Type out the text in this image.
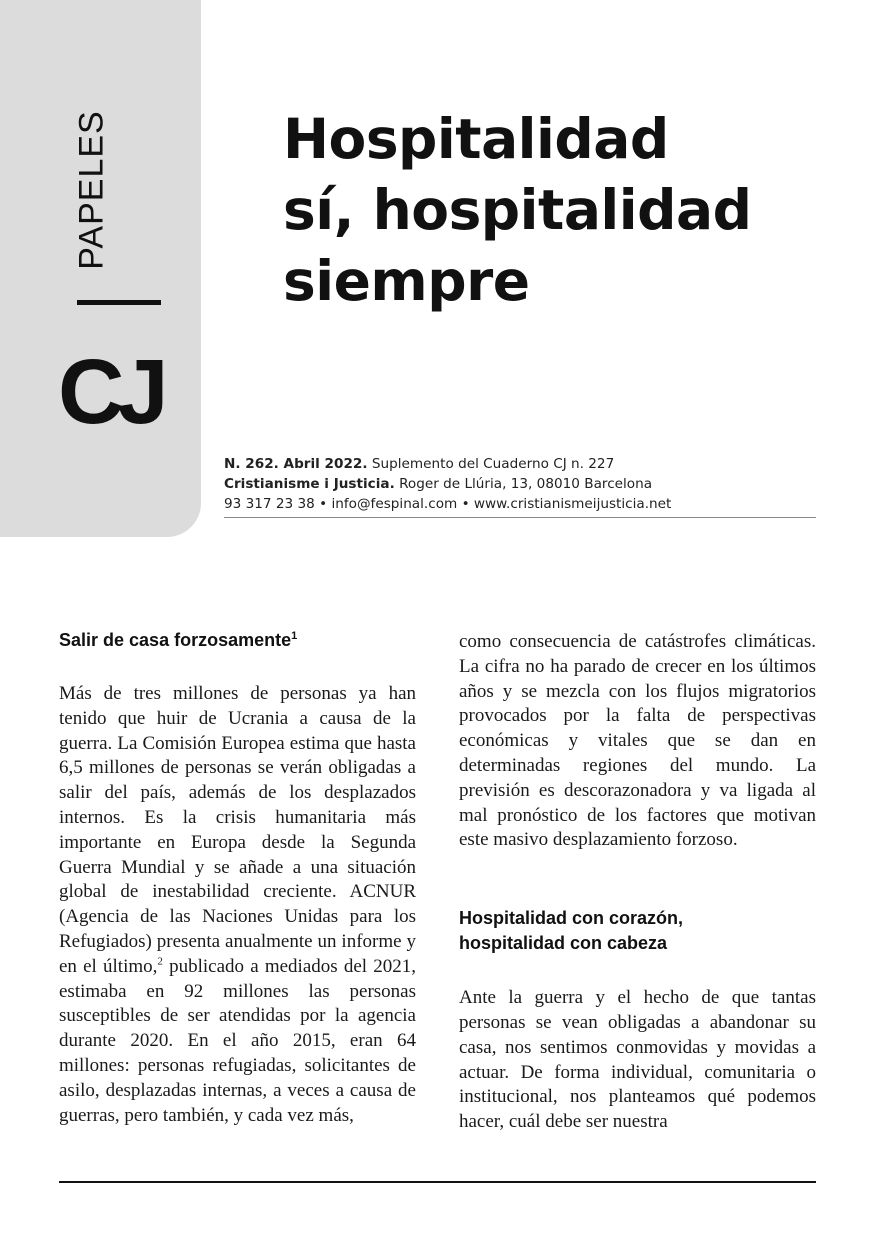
PAPELES
CJ
Hospitalidad
sí, hospitalidad
siempre
N. 262. Abril 2022. Suplemento del Cuaderno CJ n. 227
Cristianisme i Justicia. Roger de Llúria, 13, 08010 Barcelona
93 317 23 38 • info@fespinal.com • www.cristianismeijusticia.net
Salir de casa forzosamente$^1$

Más de tres millones de personas ya han tenido que huir de Ucrania a causa de la guerra. La Comisión Europea estima que hasta 6,5 millones de personas se verán obligadas a salir del país, además de los desplazados internos. Es la crisis humanitaria más importante en Europa desde la Segunda Guerra Mundial y se añade a una situación global de inestabilidad creciente. ACNUR (Agencia de las Naciones Unidas para los Refugiados) presenta anualmente un informe y en el último,$^2$ publicado a mediados del 2021, estimaba en 92 millones las personas susceptibles de ser atendidas por la agencia durante 2020. En el año 2015, eran 64 millones: personas refugiadas, solicitantes de asilo, desplazadas internas, a veces a causa de guerras, pero también, y cada vez más,

como consecuencia de catástrofes climáticas. La cifra no ha parado de crecer en los últimos años y se mezcla con los flujos migratorios provocados por la falta de perspectivas económicas y vitales que se dan en determinadas regiones del mundo. La previsión es descorazonadora y va ligada al mal pronóstico de los factores que motivan este masivo desplazamiento forzoso.

Hospitalidad con corazón,
hospitalidad con cabeza

Ante la guerra y el hecho de que tantas personas se vean obligadas a abandonar su casa, nos sentimos conmovidas y movidas a actuar. De forma individual, comunitaria o institucional, nos planteamos qué podemos hacer, cuál debe ser nuestra
